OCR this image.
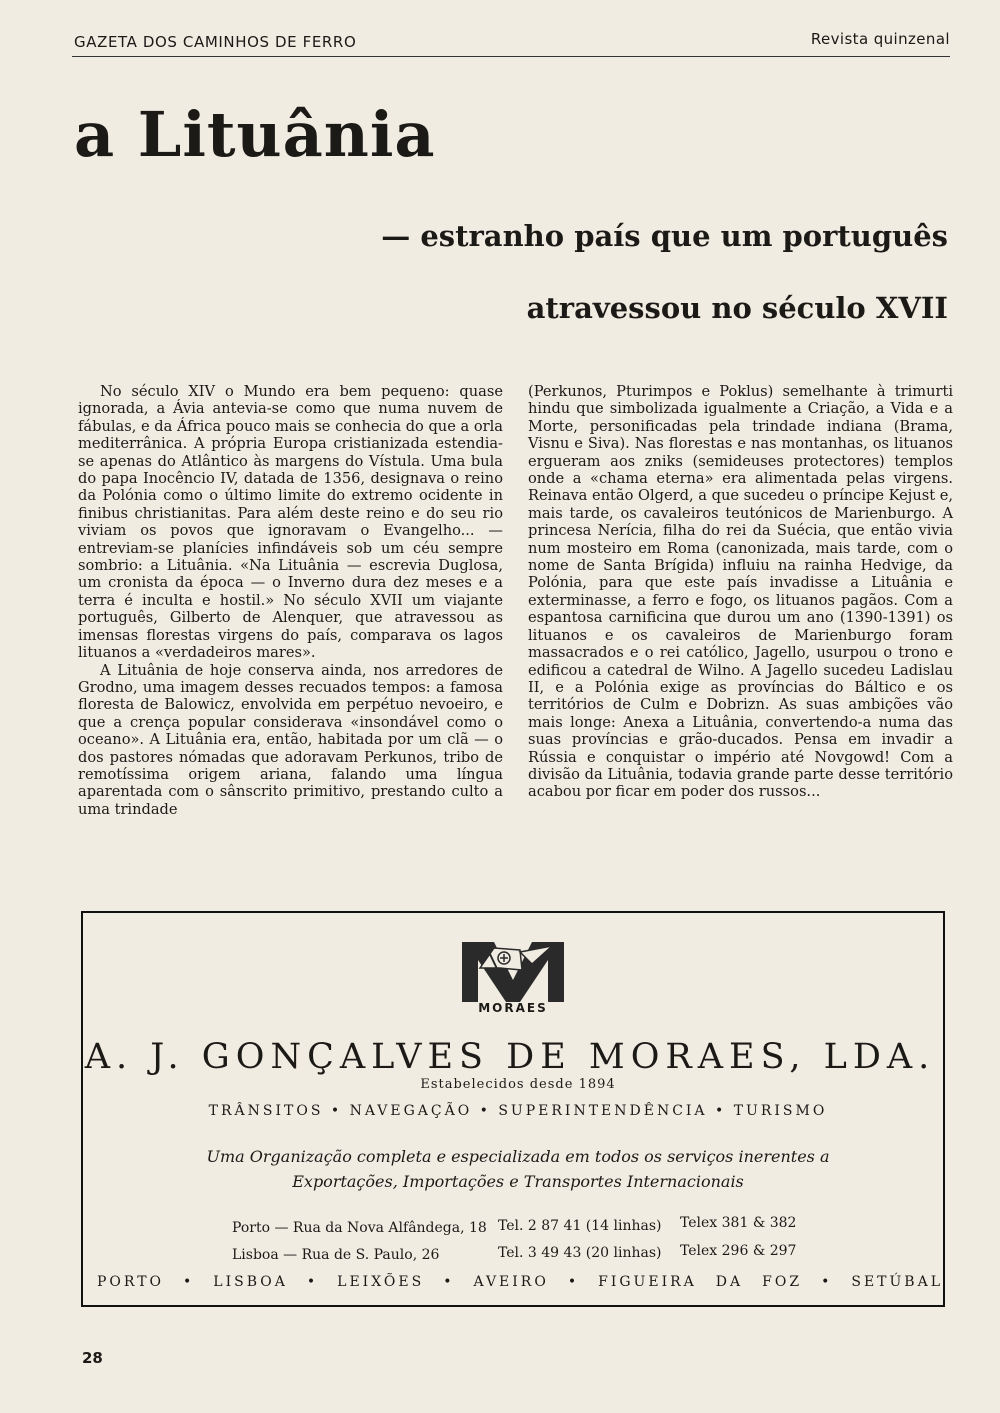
GAZETA DOS CAMINHOS DE FERRO	Revista quinzenal
a Lituânia
— estranho país que um português
atravessou no século XVII

No século XIV o Mundo era bem pequeno: quase ignorada, a Ávia antevia-se como que numa nuvem de fábulas, e da África pouco mais se conhecia do que a orla mediterrânica. A própria Europa cristianizada estendia-se apenas do Atlântico às margens do Vístula. Uma bula do papa Inocêncio IV, datada de 1356, designava o reino da Polónia como o último limite do extremo ocidente in finibus christianitas. Para além deste reino e do seu rio viviam os povos que ignoravam o Evangelho... — entreviam-se planícies infindáveis sob um céu sempre sombrio: a Lituânia. «Na Lituânia — escrevia Duglosa, um cronista da época — o Inverno dura dez meses e a terra é inculta e hostil.» No século XVII um viajante português, Gilberto de Alenquer, que atravessou as imensas florestas virgens do país, comparava os lagos lituanos a «verdadeiros mares».

A Lituânia de hoje conserva ainda, nos arredores de Grodno, uma imagem desses recuados tempos: a famosa floresta de Balowicz, envolvida em perpétuo nevoeiro, e que a crença popular considerava «insondável como o oceano». A Lituânia era, então, habitada por um clã — o dos pastores nómadas que adoravam Perkunos, tribo de remotíssima origem ariana, falando uma língua aparentada com o sânscrito primitivo, prestando culto a uma trindade

(Perkunos, Pturimpos e Poklus) semelhante à trimurti hindu que simbolizada igualmente a Criação, a Vida e a Morte, personificadas pela trindade indiana (Brama, Visnu e Siva). Nas florestas e nas montanhas, os lituanos ergueram aos zniks (semideuses protectores) templos onde a «chama eterna» era alimentada pelas virgens. Reinava então Olgerd, a que sucedeu o príncipe Kejust e, mais tarde, os cavaleiros teutónicos de Marienburgo. A princesa Nerícia, filha do rei da Suécia, que então vivia num mosteiro em Roma (canonizada, mais tarde, com o nome de Santa Brígida) influiu na rainha Hedvige, da Polónia, para que este país invadisse a Lituânia e exterminasse, a ferro e fogo, os lituanos pagãos. Com a espantosa carnificina que durou um ano (1390-1391) os lituanos e os cavaleiros de Marienburgo foram massacrados e o rei católico, Jagello, usurpou o trono e edificou a catedral de Wilno. A Jagello sucedeu Ladislau II, e a Polónia exige as províncias do Báltico e os territórios de Culm e Dobrizn. As suas ambições vão mais longe: Anexa a Lituânia, convertendo-a numa das suas províncias e grão-ducados. Pensa em invadir a Rússia e conquistar o império até Novgowd! Com a divisão da Lituânia, todavia grande parte desse território acabou por ficar em poder dos russos...

MORAES
A. J. GONÇALVES DE MORAES, LDA.
Estabelecidos desde 1894
TRÂNSITOS • NAVEGAÇÃO • SUPERINTENDÊNCIA • TURISMO
Uma Organização completa e especializada em todos os serviços inerentes a
Exportações, Importações e Transportes Internacionais
Porto — Rua da Nova Alfândega, 18 Tel. 2 87 41 (14 linhas) Telex 381 & 382
Lisboa — Rua de S. Paulo, 26	Tel. 3 49 43 (20 linhas) Telex 296 & 297
PORTO • LISBOA • LEIXÕES • AVEIRO • FIGUEIRA DA FOZ • SETÚBAL
28
